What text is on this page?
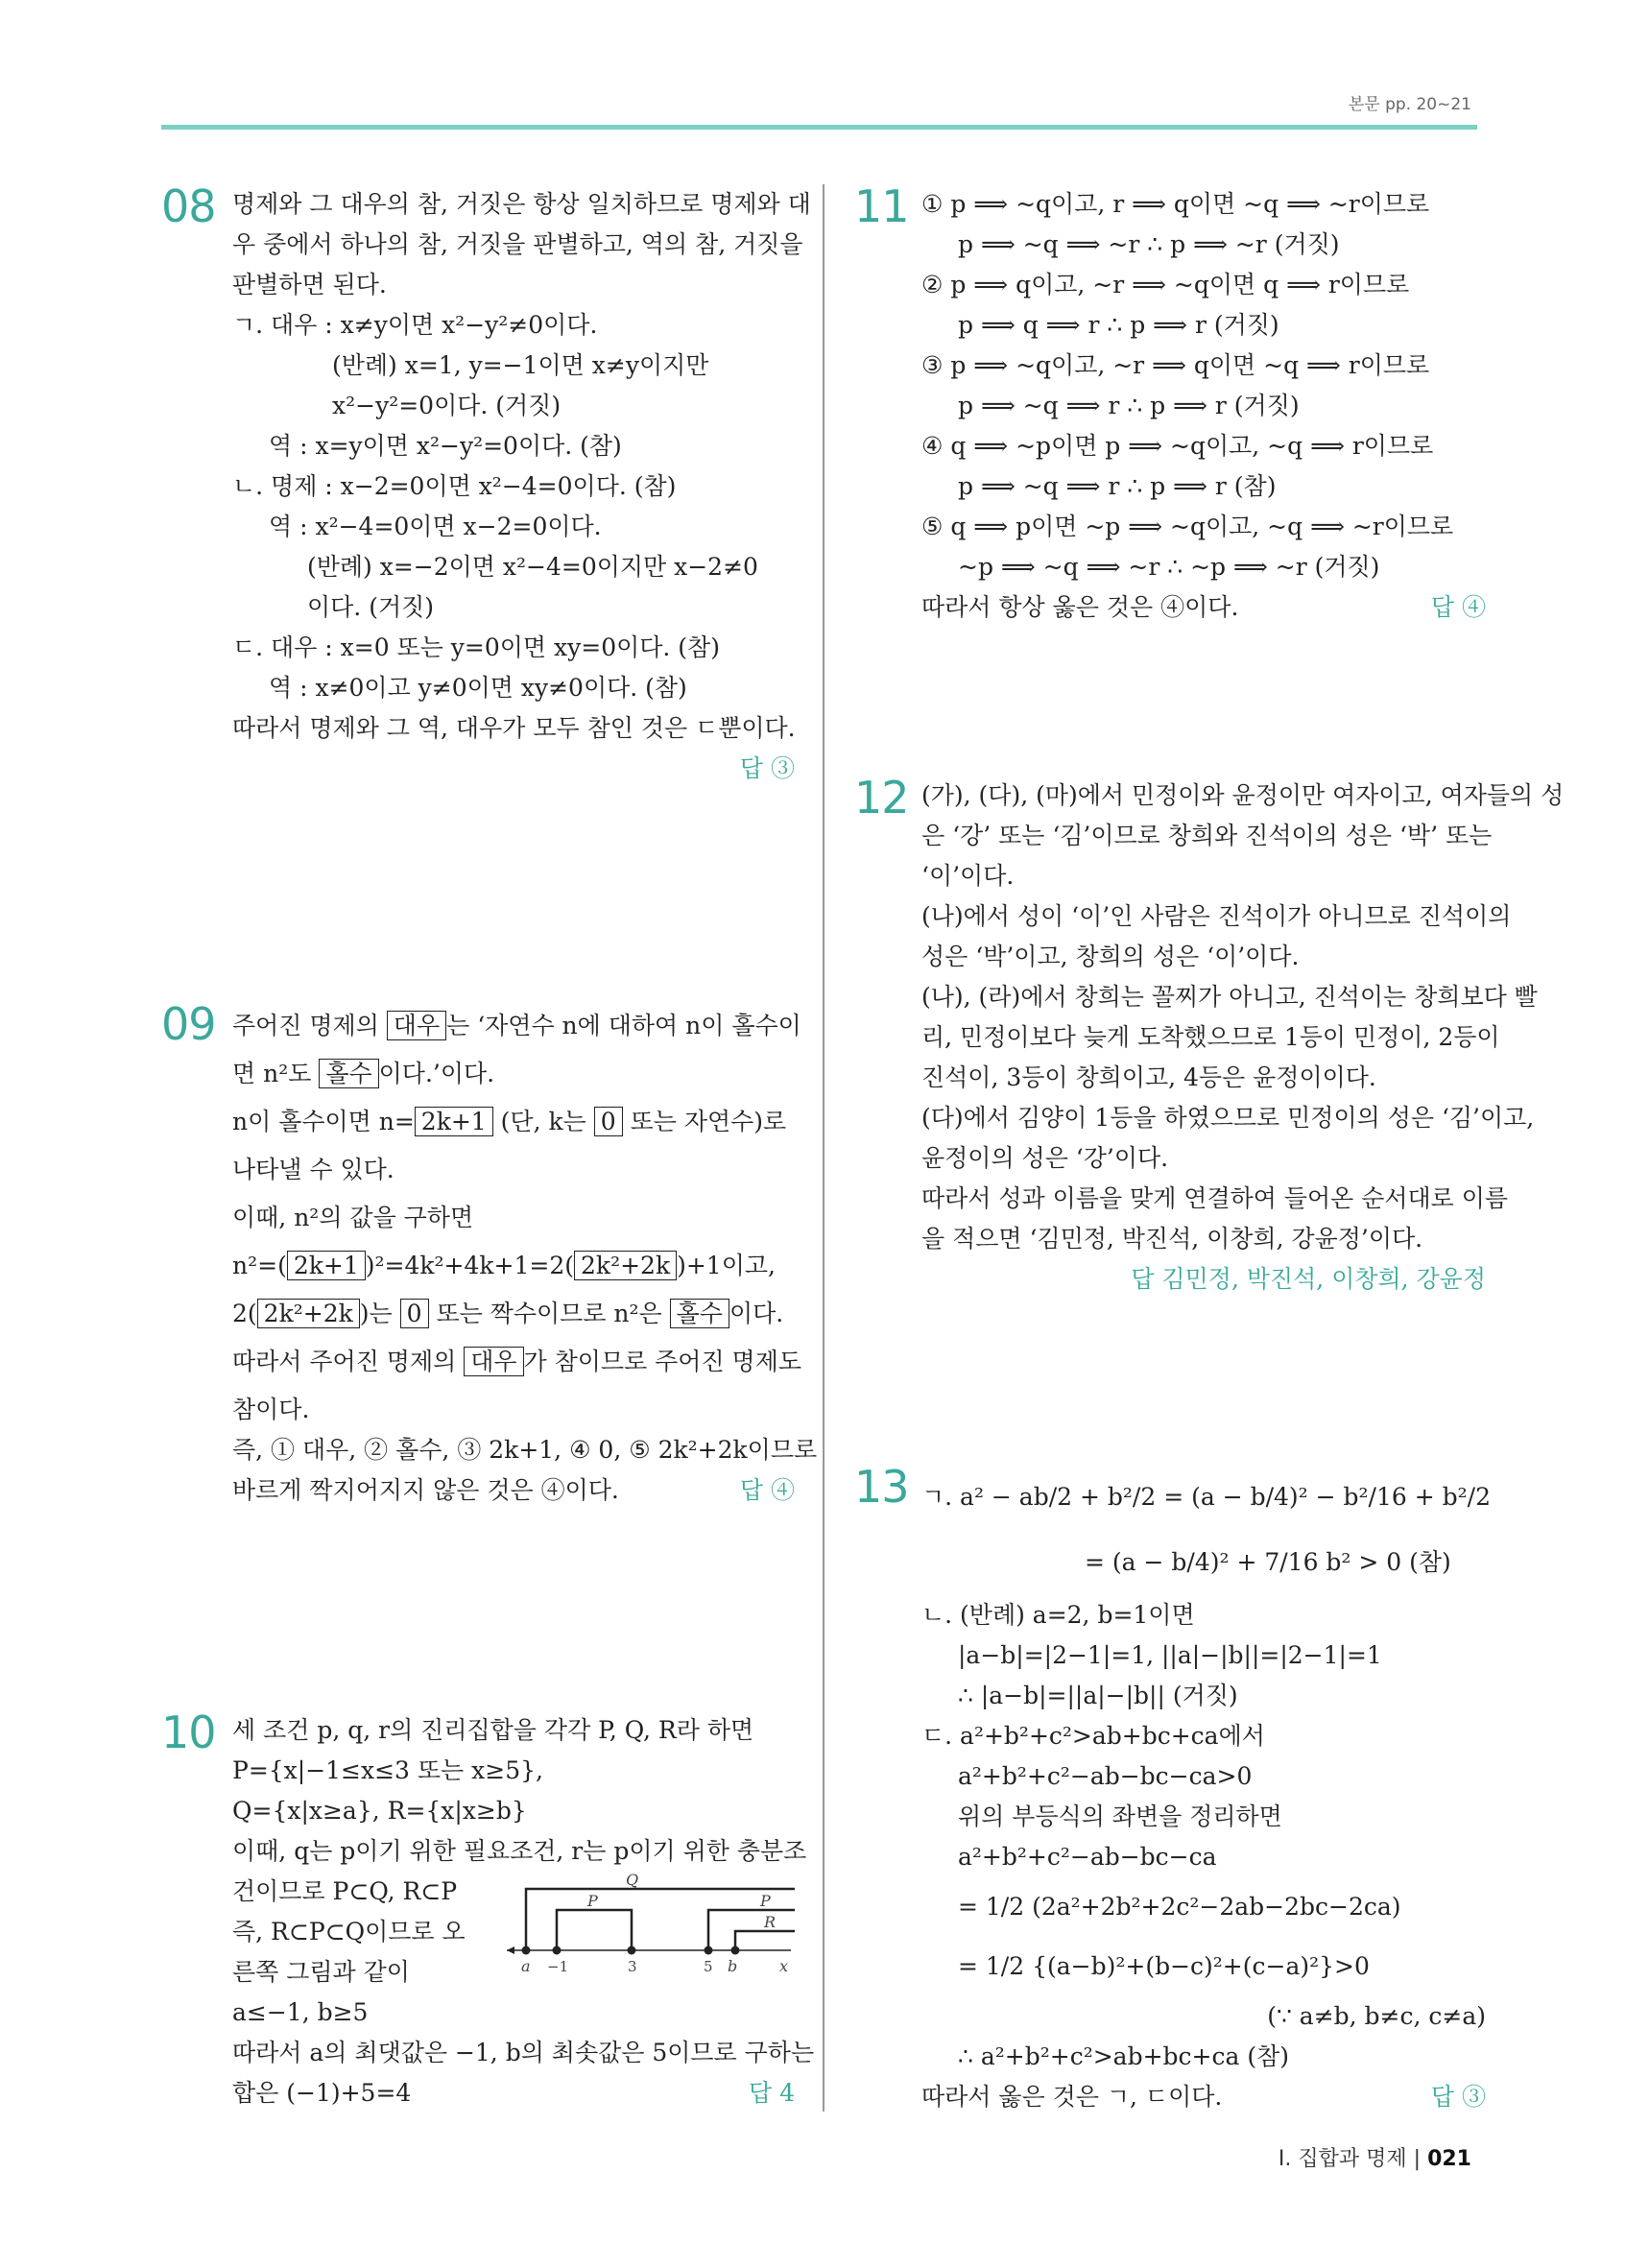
본문 pp. 20~21
08 명제와 그 대우의 참, 거짓은 항상 일치하므로 명제와 대
우 중에서 하나의 참, 거짓을 판별하고, 역의 참, 거짓을
판별하면 된다.
ㄱ. 대우 : x≠y이면 x²−y²≠0이다.
(반례) x=1, y=−1이면 x≠y이지만
x²−y²=0이다. (거짓)
역 : x=y이면 x²−y²=0이다. (참)
ㄴ. 명제 : x−2=0이면 x²−4=0이다. (참)
역 : x²−4=0이면 x−2=0이다.
(반례) x=−2이면 x²−4=0이지만 x−2≠0
이다. (거짓)
ㄷ. 대우 : x=0 또는 y=0이면 xy=0이다. (참)
역 : x≠0이고 y≠0이면 xy≠0이다. (참)
따라서 명제와 그 역, 대우가 모두 참인 것은 ㄷ뿐이다.
답 ③
09 주어진 명제의 대우 는 ‘자연수 n에 대하여 n이 홀수이
면 n²도 홀수 이다.’이다.
n이 홀수이면 n= 2k+1 (단, k는 0 또는 자연수)로
나타낼 수 있다.
이때, n²의 값을 구하면
n²=( 2k+1 )²=4k²+4k+1=2( 2k²+2k )+1이고,
2( 2k²+2k )는 0 또는 짝수이므로 n²은 홀수 이다.
따라서 주어진 명제의 대우 가 참이므로 주어진 명제도
참이다.
즉, ① 대우, ② 홀수, ③ 2k+1, ④ 0, ⑤ 2k²+2k이므로
바르게 짝지어지지 않은 것은 ④이다.	답 ④
10 세 조건 p, q, r의 진리집합을 각각 P, Q, R라 하면
P={x|−1≤x≤3 또는 x≥5},
Q={x|x≥a}, R={x|x≥b}
이때, q는 p이기 위한 필요조건, r는 p이기 위한 충분조
건이므로 P⊂Q, R⊂P
즉, R⊂P⊂Q이므로 오
른쪽 그림과 같이
a≤−1, b≥5
따라서 a의 최댓값은 −1, b의 최솟값은 5이므로 구하는
합은 (−1)+5=4	답 4
Q
P	P
R
a	b	x
−1	3	5
11 ① p ⟹ ~q이고, r ⟹ q이면 ~q ⟹ ~r이므로
p ⟹ ~q ⟹ ~r ∴ p ⟹ ~r (거짓)
② p ⟹ q이고, ~r ⟹ ~q이면 q ⟹ r이므로
p ⟹ q ⟹ r ∴ p ⟹ r (거짓)
③ p ⟹ ~q이고, ~r ⟹ q이면 ~q ⟹ r이므로
p ⟹ ~q ⟹ r ∴ p ⟹ r (거짓)
④ q ⟹ ~p이면 p ⟹ ~q이고, ~q ⟹ r이므로
p ⟹ ~q ⟹ r ∴ p ⟹ r (참)
⑤ q ⟹ p이면 ~p ⟹ ~q이고, ~q ⟹ ~r이므로
~p ⟹ ~q ⟹ ~r ∴ ~p ⟹ ~r (거짓)
따라서 항상 옳은 것은 ④이다.	답 ④
12 (가), (다), (마)에서 민정이와 윤정이만 여자이고, 여자들의 성
은 ‘강’ 또는 ‘김’이므로 창희와 진석이의 성은 ‘박’ 또는
‘이’이다.
(나)에서 성이 ‘이’인 사람은 진석이가 아니므로 진석이의
성은 ‘박’이고, 창희의 성은 ‘이’이다.
(나), (라)에서 창희는 꼴찌가 아니고, 진석이는 창희보다 빨
리, 민정이보다 늦게 도착했으므로 1등이 민정이, 2등이
진석이, 3등이 창희이고, 4등은 윤정이이다.
(다)에서 김양이 1등을 하였으므로 민정이의 성은 ‘김’이고,
윤정이의 성은 ‘강’이다.
따라서 성과 이름을 맞게 연결하여 들어온 순서대로 이름
을 적으면 ‘김민정, 박진석, 이창희, 강윤정’이다.
답 김민정, 박진석, 이창희, 강윤정
13 ㄱ. a² − ab/2 + b²/2 = (a − b/4)² − b²/16 + b²/2
= (a − b/4)² + 7/16 b² > 0 (참)
ㄴ. (반례) a=2, b=1이면
|a−b|=|2−1|=1, ||a|−|b||=|2−1|=1
∴ |a−b|=||a|−|b|| (거짓)
ㄷ. a²+b²+c²>ab+bc+ca에서
a²+b²+c²−ab−bc−ca>0
위의 부등식의 좌변을 정리하면
a²+b²+c²−ab−bc−ca
= 1/2 (2a²+2b²+2c²−2ab−2bc−2ca)
= 1/2 {(a−b)²+(b−c)²+(c−a)²}>0
(∵ a≠b, b≠c, c≠a)
∴ a²+b²+c²>ab+bc+ca (참)
따라서 옳은 것은 ㄱ, ㄷ이다.	답 ③
Ⅰ. 집합과 명제 | 021
